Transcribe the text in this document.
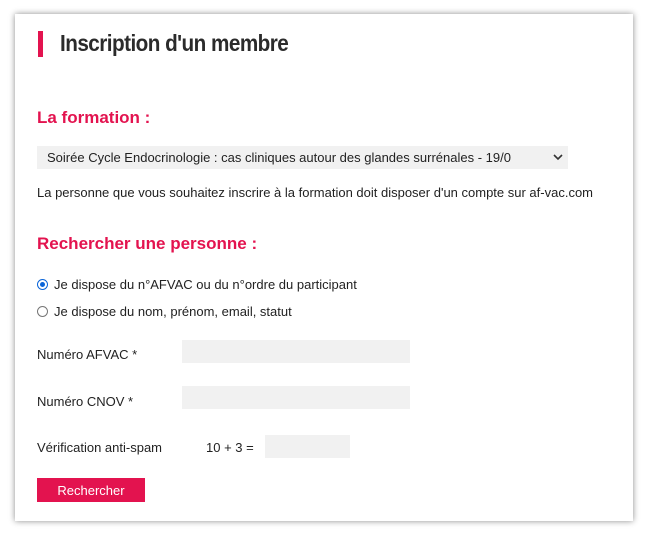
Inscription d'un membre
La formation :
Soirée Cycle Endocrinologie : cas cliniques autour des glandes surrénales - 19/0
La personne que vous souhaitez inscrire à la formation doit disposer d'un compte sur af-vac.com
Rechercher une personne :
Je dispose du n°AFVAC ou du n°ordre du participant
Je dispose du nom, prénom, email, statut
Numéro AFVAC *
Numéro CNOV *
Vérification anti-spam	10 + 3 =
Rechercher
